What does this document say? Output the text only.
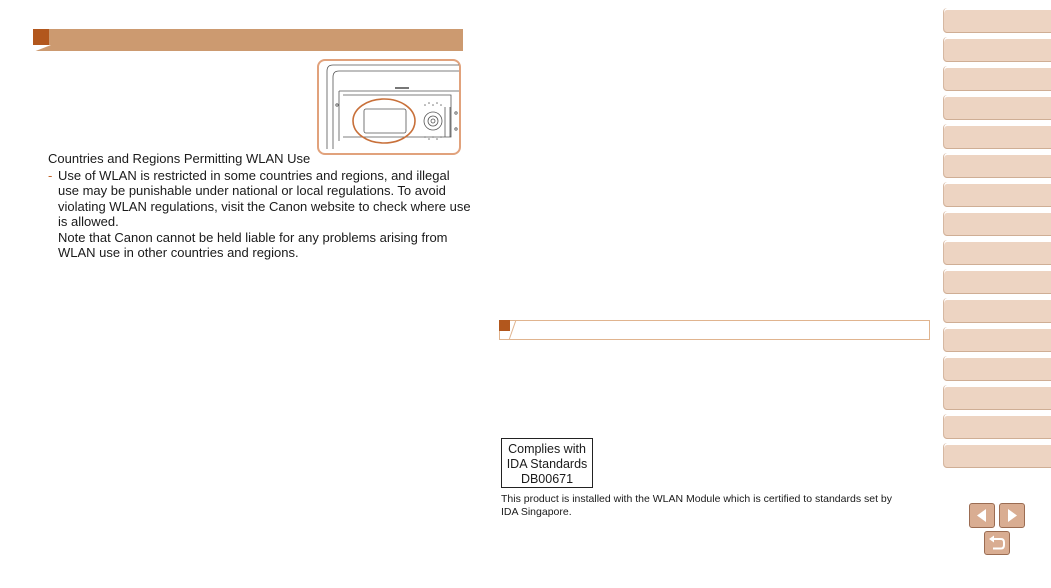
Countries and Regions Permitting WLAN Use
- Use of WLAN is restricted in some countries and regions, and illegal

use may be punishable under national or local regulations. To avoid

violating WLAN regulations, visit the Canon website to check where use

is allowed.

Note that Canon cannot be held liable for any problems arising from

WLAN use in other countries and regions.

Complies with
IDA Standards
DB00671

This product is installed with the WLAN Module which is certified to standards set by

IDA Singapore.
